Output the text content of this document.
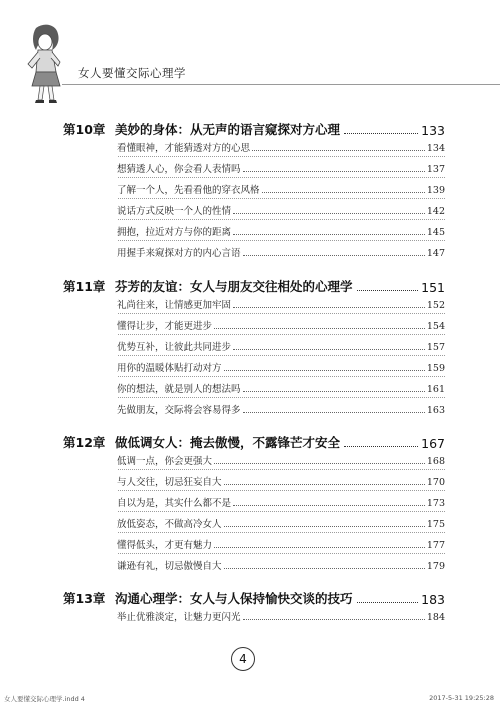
女人要懂交际心理学
第10章 美妙的身体：从无声的语言窥探对方心理	133
看懂眼神，才能猜透对方的心思	134
想猜透人心，你会看人表情吗	137
了解一个人，先看看他的穿衣风格	139
说话方式反映一个人的性情	142
拥抱，拉近对方与你的距离	145
用握手来窥探对方的内心言语	147
第11章 芬芳的友谊：女人与朋友交往相处的心理学	151
礼尚往来，让情感更加牢固	152
懂得让步，才能更进步	154
优势互补，让彼此共同进步	157
用你的温暖体贴打动对方	159
你的想法，就是别人的想法吗	161
先做朋友，交际将会容易得多	163
第12章 做低调女人：掩去傲慢，不露锋芒才安全	167
低调一点，你会更强大	168
与人交往，切忌狂妄自大	170
自以为是，其实什么都不是	173
放低姿态，不做高冷女人	175
懂得低头，才更有魅力	177
谦逊有礼，切忌傲慢自大	179
第13章 沟通心理学：女人与人保持愉快交谈的技巧	183
举止优雅淡定，让魅力更闪光	184
4
女人要懂交际心理学.indd 4	2017-5-31 19:25:28
